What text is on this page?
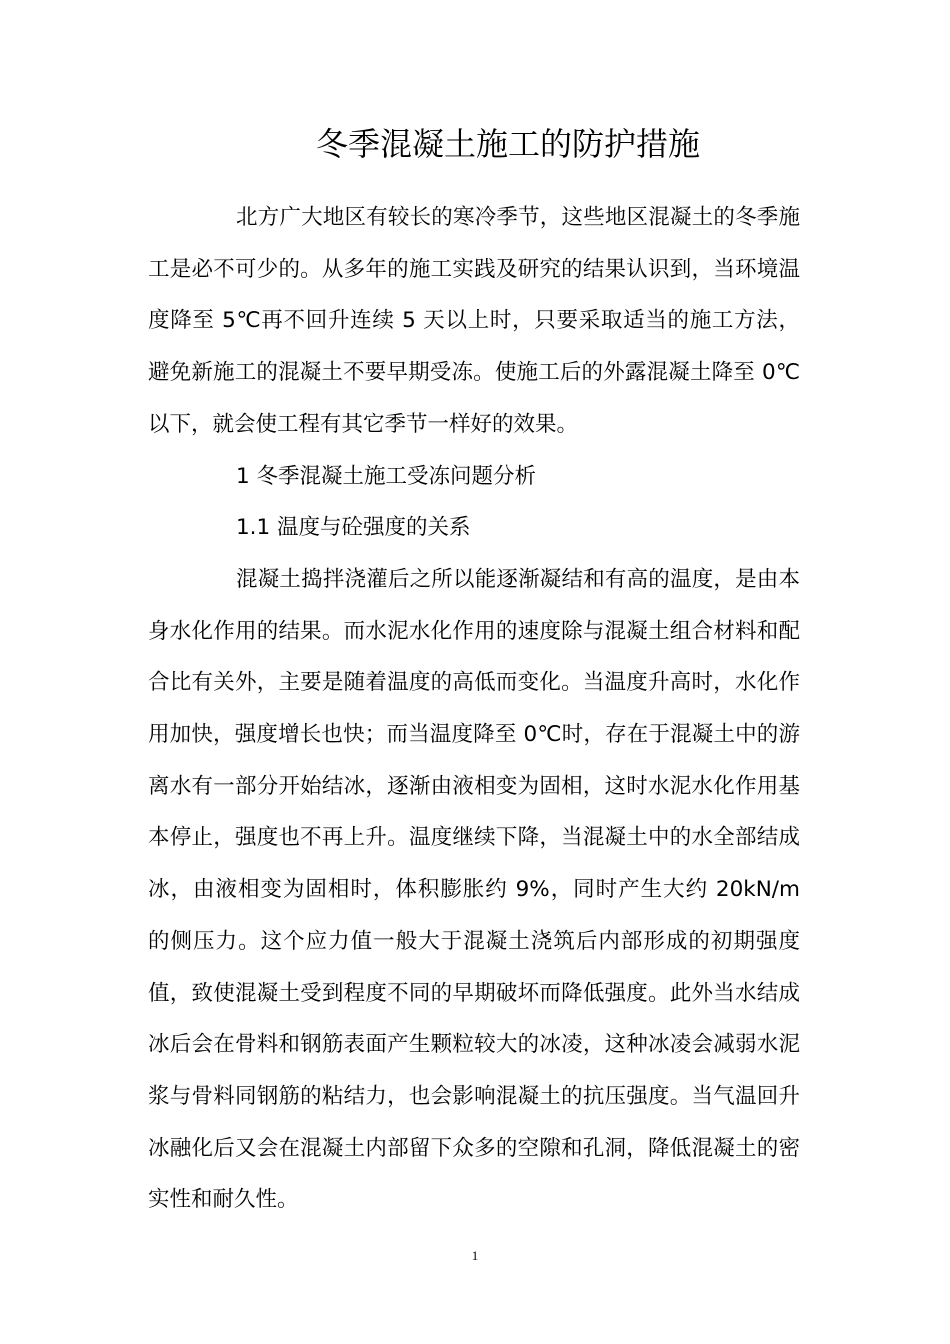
冬季混凝土施工的防护措施

北方广大地区有较长的寒冷季节，这些地区混凝土的冬季施工是必不可少的。从多年的施工实践及研究的结果认识到，当环境温度降至 5℃再不回升连续 5 天以上时，只要采取适当的施工方法，避免新施工的混凝土不要早期受冻。使施工后的外露混凝土降至 0℃以下，就会使工程有其它季节一样好的效果。

1 冬季混凝土施工受冻问题分析

1.1 温度与砼强度的关系

混凝土捣拌浇灌后之所以能逐渐凝结和有高的温度，是由本身水化作用的结果。而水泥水化作用的速度除与混凝土组合材料和配合比有关外，主要是随着温度的高低而变化。当温度升高时，水化作用加快，强度增长也快；而当温度降至 0℃时，存在于混凝土中的游离水有一部分开始结冰，逐渐由液相变为固相，这时水泥水化作用基本停止，强度也不再上升。温度继续下降，当混凝土中的水全部结成冰，由液相变为固相时，体积膨胀约 9%，同时产生大约 20kN/m 的侧压力。这个应力值一般大于混凝土浇筑后内部形成的初期强度值，致使混凝土受到程度不同的早期破坏而降低强度。此外当水结成冰后会在骨料和钢筋表面产生颗粒较大的冰凌，这种冰凌会减弱水泥浆与骨料同钢筋的粘结力，也会影响混凝土的抗压强度。当气温回升冰融化后又会在混凝土内部留下众多的空隙和孔洞，降低混凝土的密实性和耐久性。

1
